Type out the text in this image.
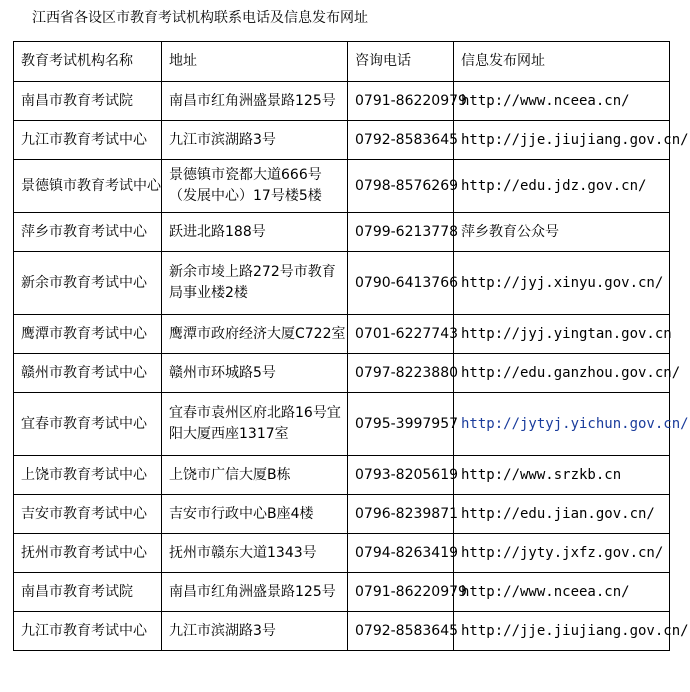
江西省各设区市教育考试机构联系电话及信息发布网址
教育考试机构名称	地址	咨询电话	信息发布网址
南昌市教育考试院	南昌市红角洲盛景路125号	0791-86220979	http://www.nceea.cn/
九江市教育考试中心	九江市滨湖路3号	0792-8583645	http://jje.jiujiang.gov.cn/
景德镇市教育考试中心	景德镇市瓷都大道666号（发展中心）17号楼5楼	0798-8576269	http://edu.jdz.gov.cn/
萍乡市教育考试中心	跃进北路188号	0799-6213778	萍乡教育公众号
新余市教育考试中心	新余市堎上路272号市教育局事业楼2楼	0790-6413766	http://jyj.xinyu.gov.cn/
鹰潭市教育考试中心	鹰潭市政府经济大厦C722室	0701-6227743	http://jyj.yingtan.gov.cn
赣州市教育考试中心	赣州市环城路5号	0797-8223880	http://edu.ganzhou.gov.cn/
宜春市教育考试中心	宜春市袁州区府北路16号宜阳大厦西座1317室	0795-3997957	http://jytyj.yichun.gov.cn/
上饶市教育考试中心	上饶市广信大厦B栋	0793-8205619	http://www.srzkb.cn
吉安市教育考试中心	吉安市行政中心B座4楼	0796-8239871	http://edu.jian.gov.cn/
抚州市教育考试中心	抚州市赣东大道1343号	0794-8263419	http://jyty.jxfz.gov.cn/
南昌市教育考试院	南昌市红角洲盛景路125号	0791-86220979	http://www.nceea.cn/
九江市教育考试中心	九江市滨湖路3号	0792-8583645	http://jje.jiujiang.gov.cn/
